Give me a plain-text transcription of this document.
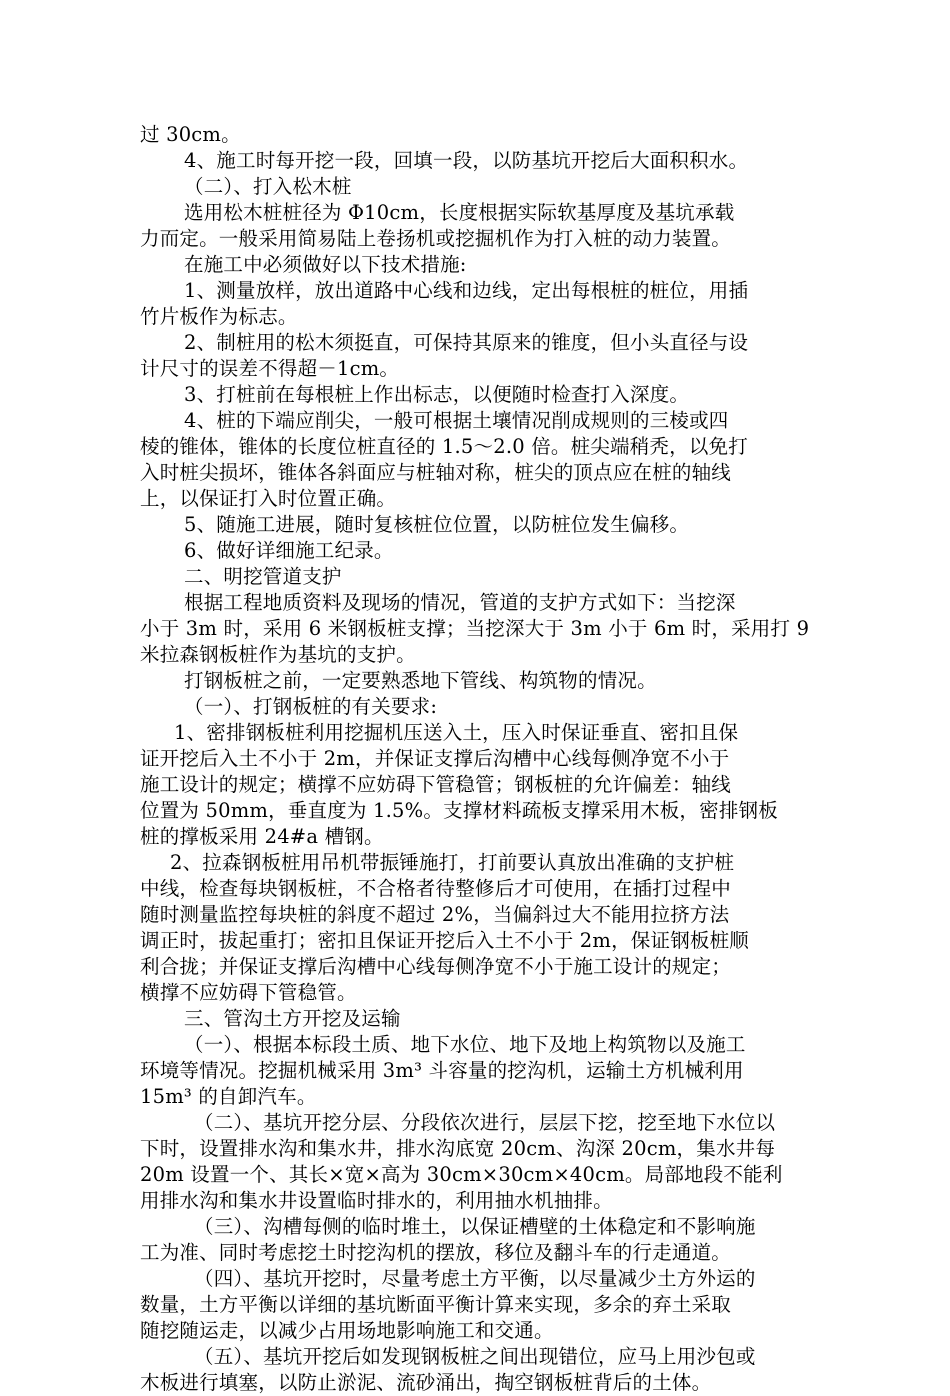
过 30cm。
4、施工时每开挖一段，回填一段，以防基坑开挖后大面积积水。
（二）、打入松木桩
选用松木桩桩径为 Φ10cm，长度根据实际软基厚度及基坑承载
力而定。一般采用简易陆上卷扬机或挖掘机作为打入桩的动力装置。
在施工中必须做好以下技术措施:
1、测量放样，放出道路中心线和边线，定出每根桩的桩位，用插
竹片板作为标志。
2、制桩用的松木须挺直，可保持其原来的锥度，但小头直径与设
计尺寸的误差不得超－1cm。
3、打桩前在每根桩上作出标志，以便随时检查打入深度。
4、桩的下端应削尖，一般可根据土壤情况削成规则的三棱或四
棱的锥体，锥体的长度位桩直径的 1.5～2.0 倍。桩尖端稍秃，以免打
入时桩尖损坏，锥体各斜面应与桩轴对称，桩尖的顶点应在桩的轴线
上，以保证打入时位置正确。
5、随施工进展，随时复核桩位位置，以防桩位发生偏移。
6、做好详细施工纪录。
二、明挖管道支护
根据工程地质资料及现场的情况，管道的支护方式如下：当挖深
小于 3m 时，采用 6 米钢板桩支撑；当挖深大于 3m 小于 6m 时，采用打 9
米拉森钢板桩作为基坑的支护。
打钢板桩之前，一定要熟悉地下管线、构筑物的情况。
（一）、打钢板桩的有关要求:
1、密排钢板桩利用挖掘机压送入土，压入时保证垂直、密扣且保
证开挖后入土不小于 2m，并保证支撑后沟槽中心线每侧净宽不小于
施工设计的规定；横撑不应妨碍下管稳管；钢板桩的允许偏差：轴线
位置为 50mm，垂直度为 1.5%。支撑材料疏板支撑采用木板，密排钢板
桩的撑板采用 24#a 槽钢。
2、拉森钢板桩用吊机带振锤施打，打前要认真放出准确的支护桩
中线，检查每块钢板桩，不合格者待整修后才可使用，在插打过程中
随时测量监控每块桩的斜度不超过 2%，当偏斜过大不能用拉挤方法
调正时，拔起重打；密扣且保证开挖后入土不小于 2m，保证钢板桩顺
利合拢；并保证支撑后沟槽中心线每侧净宽不小于施工设计的规定；
横撑不应妨碍下管稳管。
三、管沟土方开挖及运输
（一）、根据本标段土质、地下水位、地下及地上构筑物以及施工
环境等情况。挖掘机械采用 3m³ 斗容量的挖沟机，运输土方机械利用
15m³ 的自卸汽车。
（二）、基坑开挖分层、分段依次进行，层层下挖，挖至地下水位以
下时，设置排水沟和集水井，排水沟底宽 20cm、沟深 20cm，集水井每
20m 设置一个、其长×宽×高为 30cm×30cm×40cm。局部地段不能利
用排水沟和集水井设置临时排水的，利用抽水机抽排。
（三）、沟槽每侧的临时堆土，以保证槽壁的土体稳定和不影响施
工为准、同时考虑挖土时挖沟机的摆放，移位及翻斗车的行走通道。
（四）、基坑开挖时，尽量考虑土方平衡，以尽量减少土方外运的
数量，土方平衡以详细的基坑断面平衡计算来实现，多余的弃土采取
随挖随运走，以减少占用场地影响施工和交通。
（五）、基坑开挖后如发现钢板桩之间出现错位，应马上用沙包或
木板进行填塞，以防止淤泥、流砂涌出，掏空钢板桩背后的土体。
